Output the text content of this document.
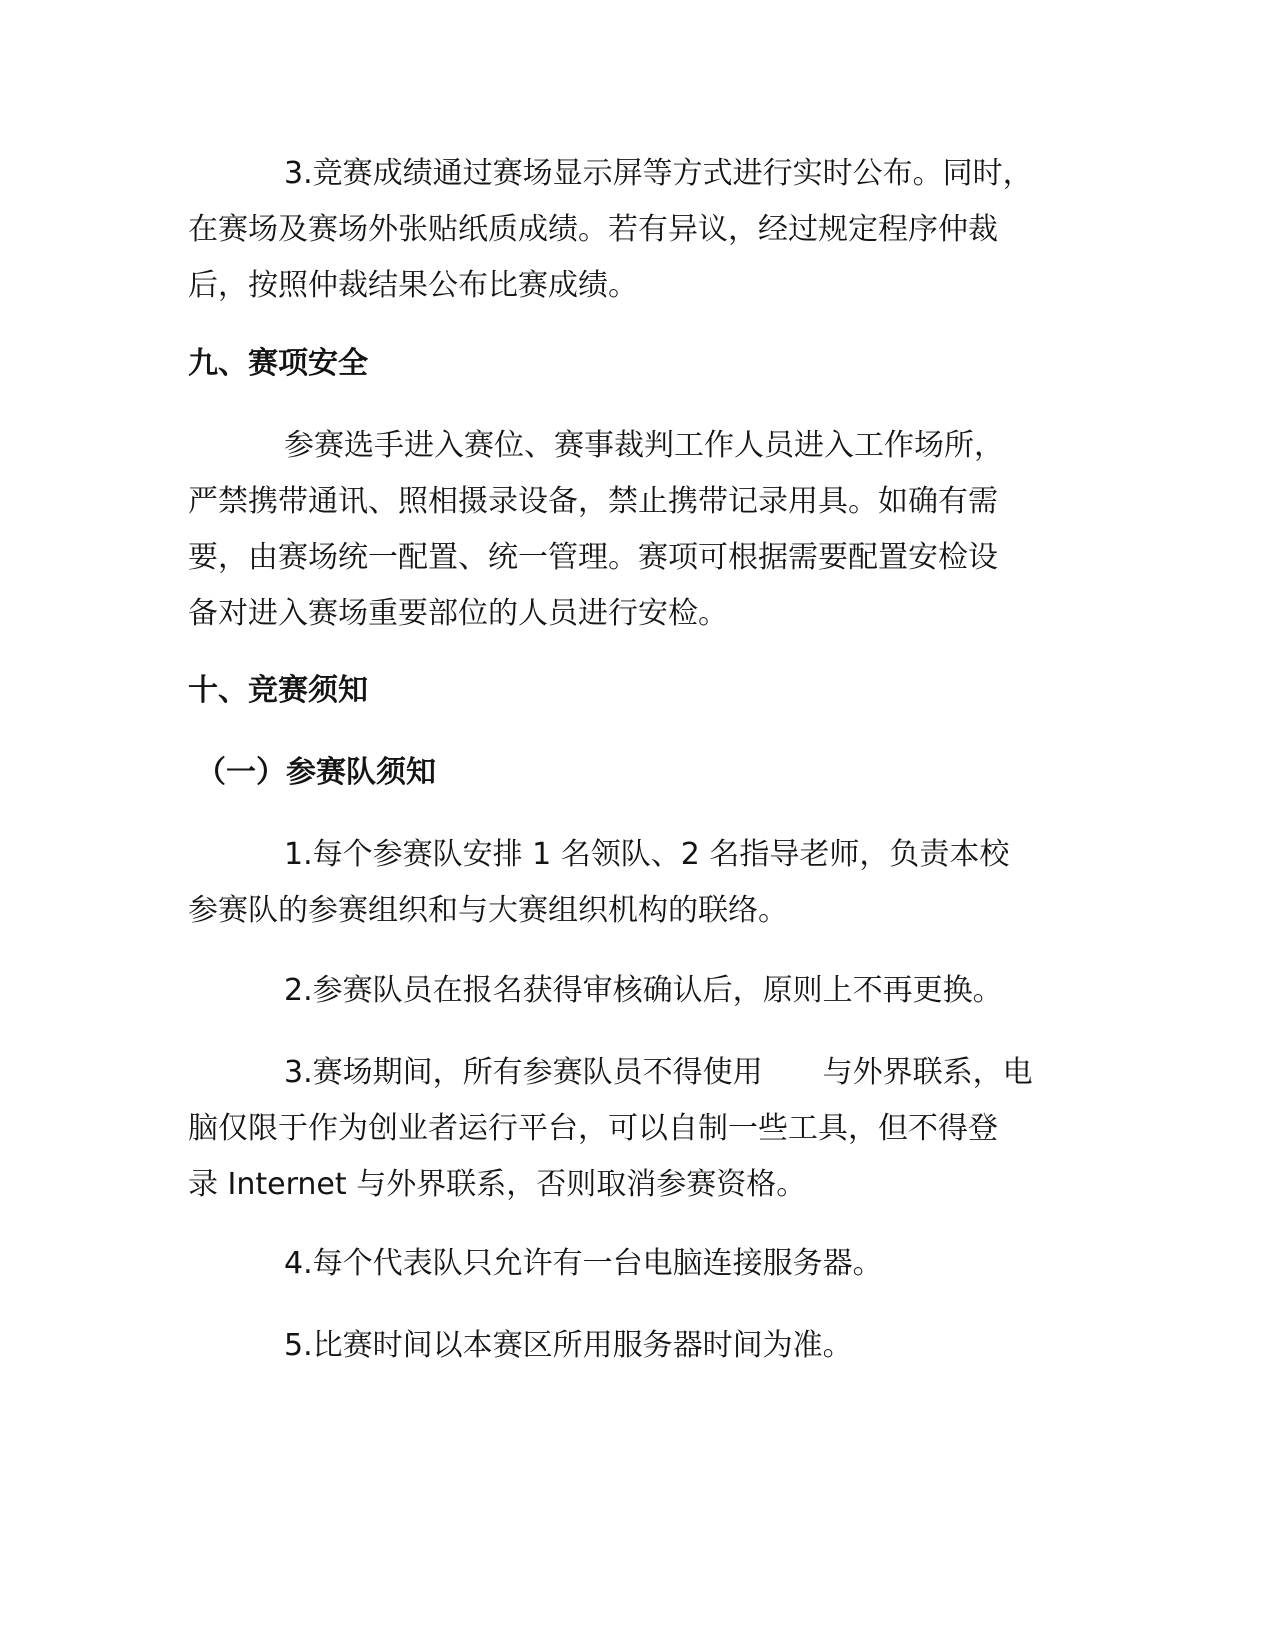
3.竞赛成绩通过赛场显示屏等方式进行实时公布。同时，
在赛场及赛场外张贴纸质成绩。若有异议，经过规定程序仲裁
后，按照仲裁结果公布比赛成绩。
九、赛项安全
参赛选手进入赛位、赛事裁判工作人员进入工作场所，
严禁携带通讯、照相摄录设备，禁止携带记录用具。如确有需
要，由赛场统一配置、统一管理。赛项可根据需要配置安检设
备对进入赛场重要部位的人员进行安检。
十、竞赛须知
（一）参赛队须知
1.每个参赛队安排 1 名领队、2 名指导老师，负责本校
参赛队的参赛组织和与大赛组织机构的联络。
2.参赛队员在报名获得审核确认后，原则上不再更换。
3.赛场期间，所有参赛队员不得使用　　与外界联系，电
脑仅限于作为创业者运行平台，可以自制一些工具，但不得登
录 Internet 与外界联系，否则取消参赛资格。
4.每个代表队只允许有一台电脑连接服务器。
5.比赛时间以本赛区所用服务器时间为准。
